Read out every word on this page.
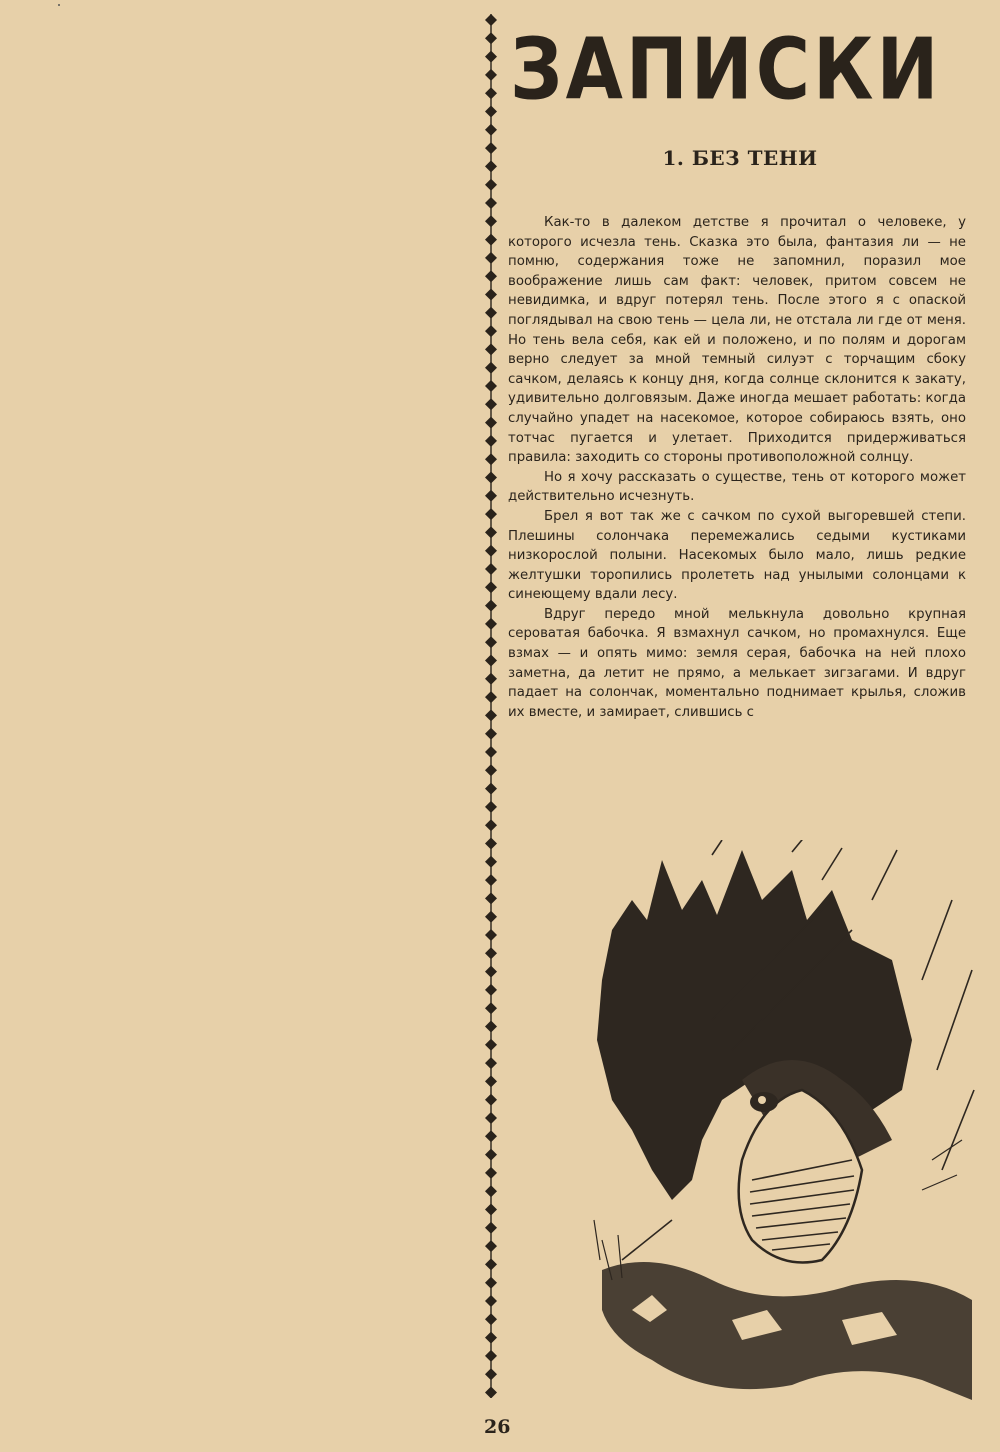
ЗАПИСКИ
1. БЕЗ ТЕНИ

Как-то в далеком детстве я прочитал о человеке, у которого исчезла тень. Сказка это была, фантазия ли — не помню, содержания тоже не запомнил, поразил мое воображение лишь сам факт: человек, притом совсем не невидимка, и вдруг потерял тень. После этого я с опаской поглядывал на свою тень — цела ли, не отстала ли где от меня. Но тень вела себя, как ей и положено, и по полям и дорогам верно следует за мной темный силуэт с торчащим сбоку сачком, делаясь к концу дня, когда солнце склонится к закату, удивительно долговязым. Даже иногда мешает работать: когда случайно упадет на насекомое, которое собираюсь взять, оно тотчас пугается и улетает. Приходится придерживаться правила: заходить со стороны противоположной солнцу.

Но я хочу рассказать о существе, тень от которого может действительно исчезнуть.

Брел я вот так же с сачком по сухой выгоревшей степи. Плешины солончака перемежались седыми кустиками низкорослой полыни. Насекомых было мало, лишь редкие желтушки торопились пролететь над унылыми солонцами к синеющему вдали лесу.

Вдруг передо мной мелькнула довольно крупная сероватая бабочка. Я взмахнул сачком, но промахнулся. Еще взмах — и опять мимо: земля серая, бабочка на ней плохо заметна, да летит не прямо, а мелькает зигзагами. И вдруг падает на солончак, моментально поднимает крылья, сложив их вместе, и замирает, слившись с

26
